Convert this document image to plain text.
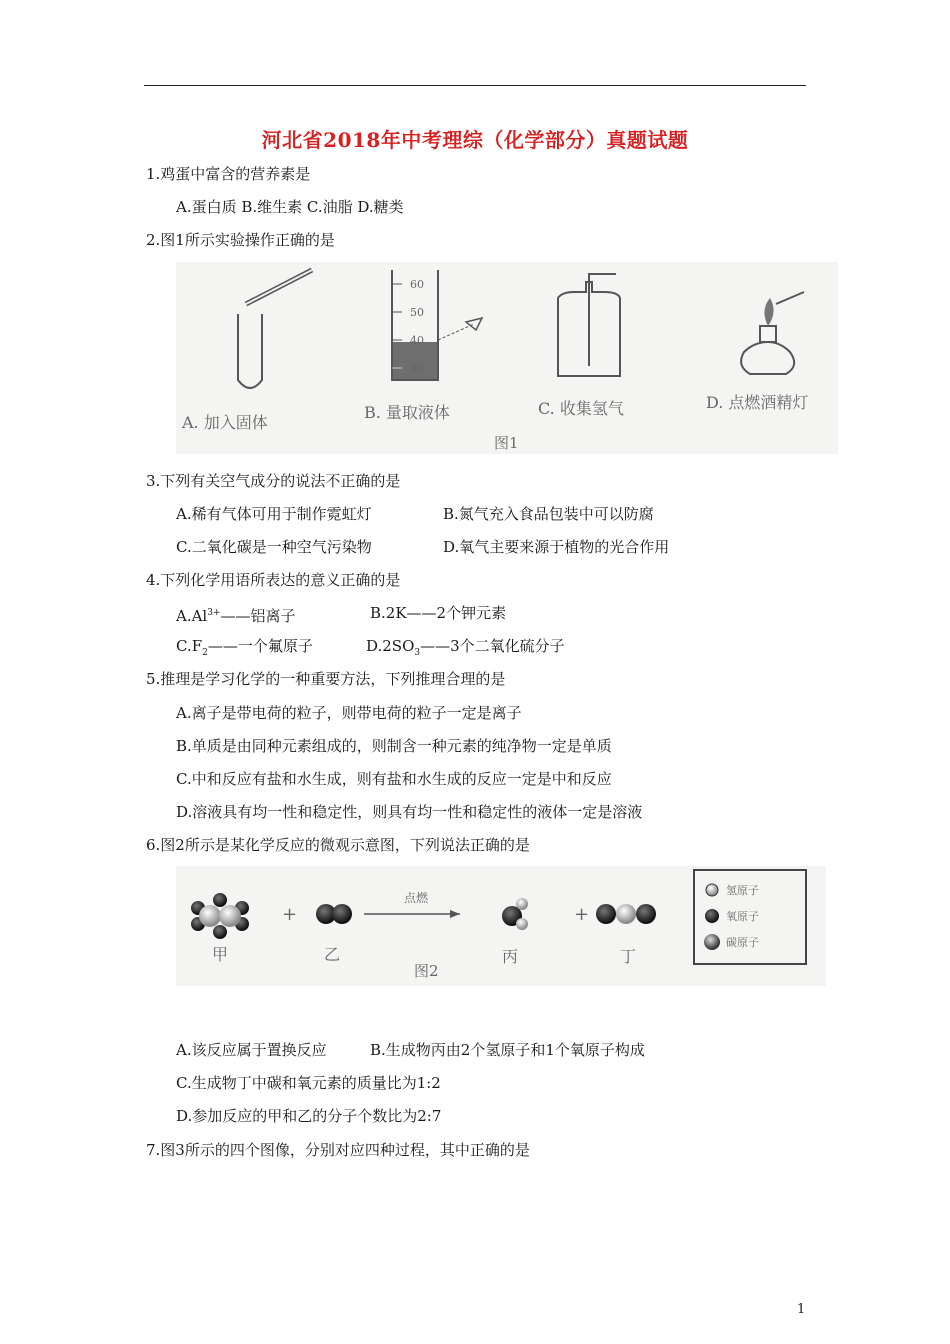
河北省2018年中考理综（化学部分）真题试题
1.鸡蛋中富含的营养素是
A.蛋白质 B.维生素 C.油脂 D.糖类
2.图1所示实验操作正确的是
60
50
40
30
A. 加入固体
B. 量取液体	C. 收集氢气	D. 点燃酒精灯
图1
3.下列有关空气成分的说法不正确的是
A.稀有气体可用于制作霓虹灯	B.氮气充入食品包装中可以防腐
C.二氧化碳是一种空气污染物	D.氧气主要来源于植物的光合作用
4.下列化学用语所表达的意义正确的是
$A.Al^{3+}——$铝离子	B.2K——2个钾元素
$C.F_2——$一个氟原子	$D.2SO_3——3$个二氧化硫分子
5.推理是学习化学的一种重要方法，下列推理合理的是
A.离子是带电荷的粒子，则带电荷的粒子一定是离子
B.单质是由同种元素组成的，则制含一种元素的纯净物一定是单质
C.中和反应有盐和水生成，则有盐和水生成的反应一定是中和反应
D.溶液具有均一性和稳定性，则具有均一性和稳定性的液体一定是溶液
6.图2所示是某化学反应的微观示意图，下列说法正确的是
+
点燃
+
氢原子
氧原子
碳原子
甲	乙	丙	丁
图2
A.该反应属于置换反应	B.生成物丙由2个氢原子和1个氧原子构成
C.生成物丁中碳和氧元素的质量比为1:2
D.参加反应的甲和乙的分子个数比为2:7
7.图3所示的四个图像，分别对应四种过程，其中正确的是
1
